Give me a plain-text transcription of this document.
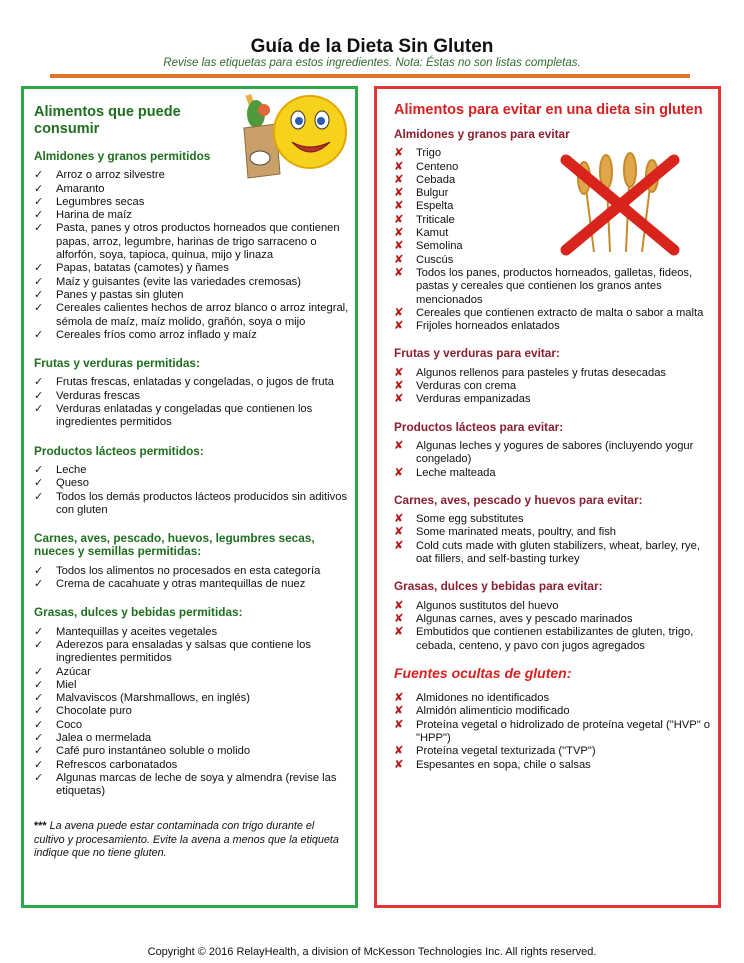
Guía de la Dieta Sin Gluten
Revise las etiquetas para estos ingredientes. Nota: Éstas no son listas completas.
Alimentos que puede consumir
Alimentos para evitar en una dieta sin gluten
Almidones y granos permitidos
✓ Arroz o arroz silvestre
✓ Amaranto
✓ Legumbres secas
✓ Harina de maíz
✓ Pasta, panes y otros productos horneados que contienen papas, arroz, legumbre, harinas de trigo sarraceno o alforfón, soya, tapioca, quinua, mijo y linaza
✓ Papas, batatas (camotes) y ñames
✓ Maíz y guisantes (evite las variedades cremosas)
✓ Panes y pastas sin gluten
✓ Cereales calientes hechos de arroz blanco o arroz integral, sémola de maíz, maíz molido, grañón, soya o mijo
✓ Cereales fríos como arroz inflado y maíz
Frutas y verduras permitidas:
✓ Frutas frescas, enlatadas y congeladas, o jugos de fruta
✓ Verduras frescas
✓ Verduras enlatadas y congeladas que contienen los ingredientes permitidos
Productos lácteos permitidos:
✓ Leche
✓ Queso
✓ Todos los demás productos lácteos producidos sin aditivos con gluten
Carnes, aves, pescado, huevos, legumbres secas, nueces y semillas permitidas:
✓ Todos los alimentos no procesados en esta categoría
✓ Crema de cacahuate y otras mantequillas de nuez
Grasas, dulces y bebidas permitidas:
✓ Mantequillas y aceites vegetales
✓ Aderezos para ensaladas y salsas que contiene los ingredientes permitidos
✓ Azúcar
✓ Miel
✓ Malvaviscos (Marshmallows, en inglés)
✓ Chocolate puro
✓ Coco
✓ Jalea o mermelada
✓ Café puro instantáneo soluble o molido
✓ Refrescos carbonatados
✓ Algunas marcas de leche de soya y almendra (revise las etiquetas)
*** La avena puede estar contaminada con trigo durante el cultivo y procesamiento. Evite la avena a menos que la etiqueta indique que no tiene gluten.
Almidones y granos para evitar
✘ Trigo
✘ Centeno
✘ Cebada
✘ Bulgur
✘ Espelta
✘ Triticale
✘ Kamut
✘ Semolina
✘ Cuscús
✘ Todos los panes, productos horneados, galletas, fideos, pastas y cereales que contienen los granos antes mencionados
✘ Cereales que contienen extracto de malta o sabor a malta
✘ Frijoles horneados enlatados
Frutas y verduras para evitar:
✘ Algunos rellenos para pasteles y frutas desecadas
✘ Verduras con crema
✘ Verduras empanizadas
Productos lácteos para evitar:
✘ Algunas leches y yogures de sabores (incluyendo yogur congelado)
✘ Leche malteada
Carnes, aves, pescado y huevos para evitar:
✘ Some egg substitutes
✘ Some marinated meats, poultry, and fish
✘ Cold cuts made with gluten stabilizers, wheat, barley, rye, oat fillers, and self-basting turkey
Grasas, dulces y bebidas para evitar:
✘ Algunos sustitutos del huevo
✘ Algunas carnes, aves y pescado marinados
✘ Embutidos que contienen estabilizantes de gluten, trigo, cebada, centeno, y pavo con jugos agregados
Fuentes ocultas de gluten:
✘ Almidones no identificados
✘ Almidón alimenticio modificado
✘ Proteína vegetal o hidrolizado de proteína vegetal ("HVP" o "HPP")
✘ Proteína vegetal texturizada ("TVP")
✘ Espesantes en sopa, chile o salsas
Copyright © 2016 RelayHealth, a division of McKesson Technologies Inc. All rights reserved.
